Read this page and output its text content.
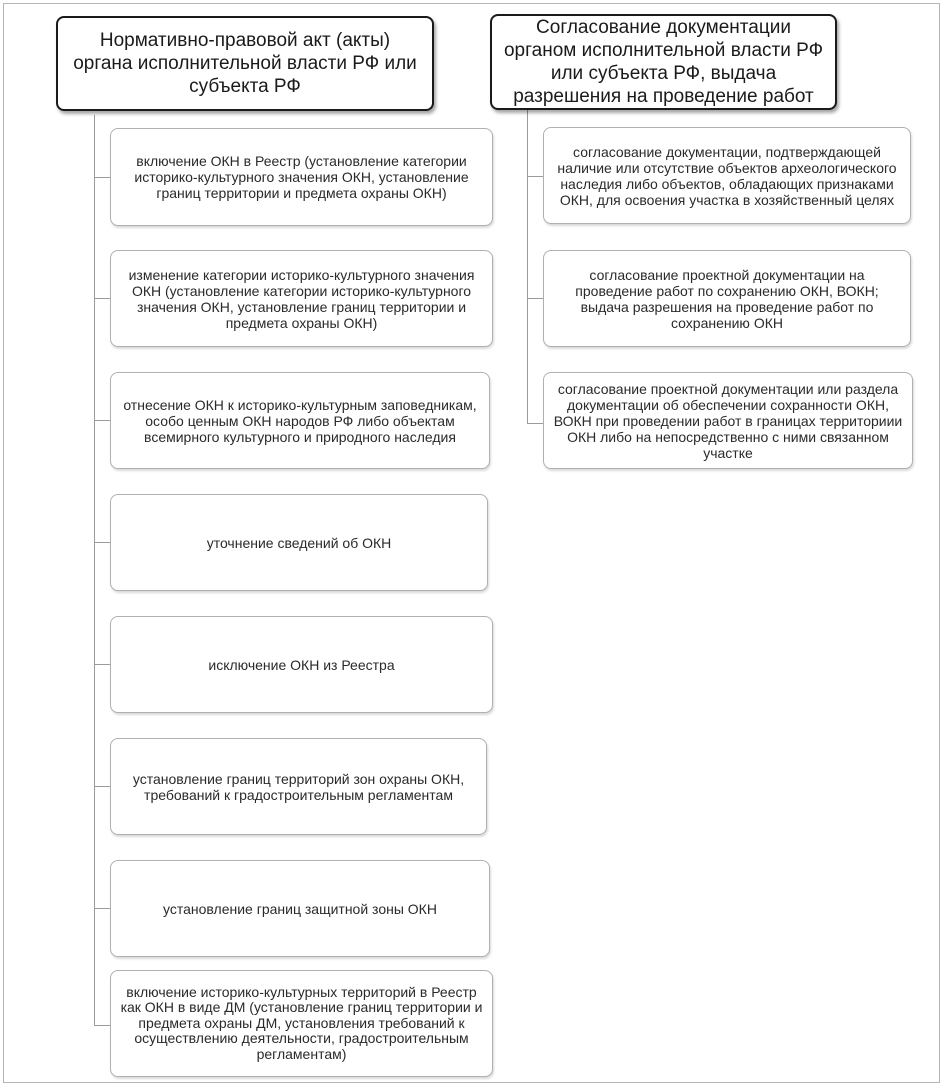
Нормативно-правовой акт (акты) органа исполнительной власти РФ или субъекта РФ
Согласование документации органом исполнительной власти РФ или субъекта РФ, выдача разрешения на проведение работ
включение ОКН в Реестр (установление категории историко-культурного значения ОКН, установление границ территории и предмета охраны ОКН)
изменение категории историко-культурного значения ОКН (установление категории историко-культурного значения ОКН, установление границ территории и предмета охраны ОКН)
отнесение ОКН к историко-культурным заповедникам, особо ценным ОКН народов РФ либо объектам всемирного культурного и природного наследия
уточнение сведений об ОКН
исключение ОКН из Реестра
установление границ территорий зон охраны ОКН, требований к градостроительным регламентам
установление границ защитной зоны ОКН
включение историко-культурных территорий в Реестр как ОКН в виде ДМ (установление границ территории и предмета охраны ДМ, установления требований к осуществлению деятельности, градостроительным регламентам)
согласование документации, подтверждающей наличие или отсутствие объектов археологического наследия либо объектов, обладающих признаками ОКН, для освоения участка в хозяйственный целях
согласование проектной документации на проведение работ по сохранению ОКН, ВОКН; выдача разрешения на проведение работ по сохранению ОКН
согласование проектной документации или раздела документации об обеспечении сохранности ОКН, ВОКН при проведении работ в границах территориии ОКН либо на непосредственно с ними связанном участке
